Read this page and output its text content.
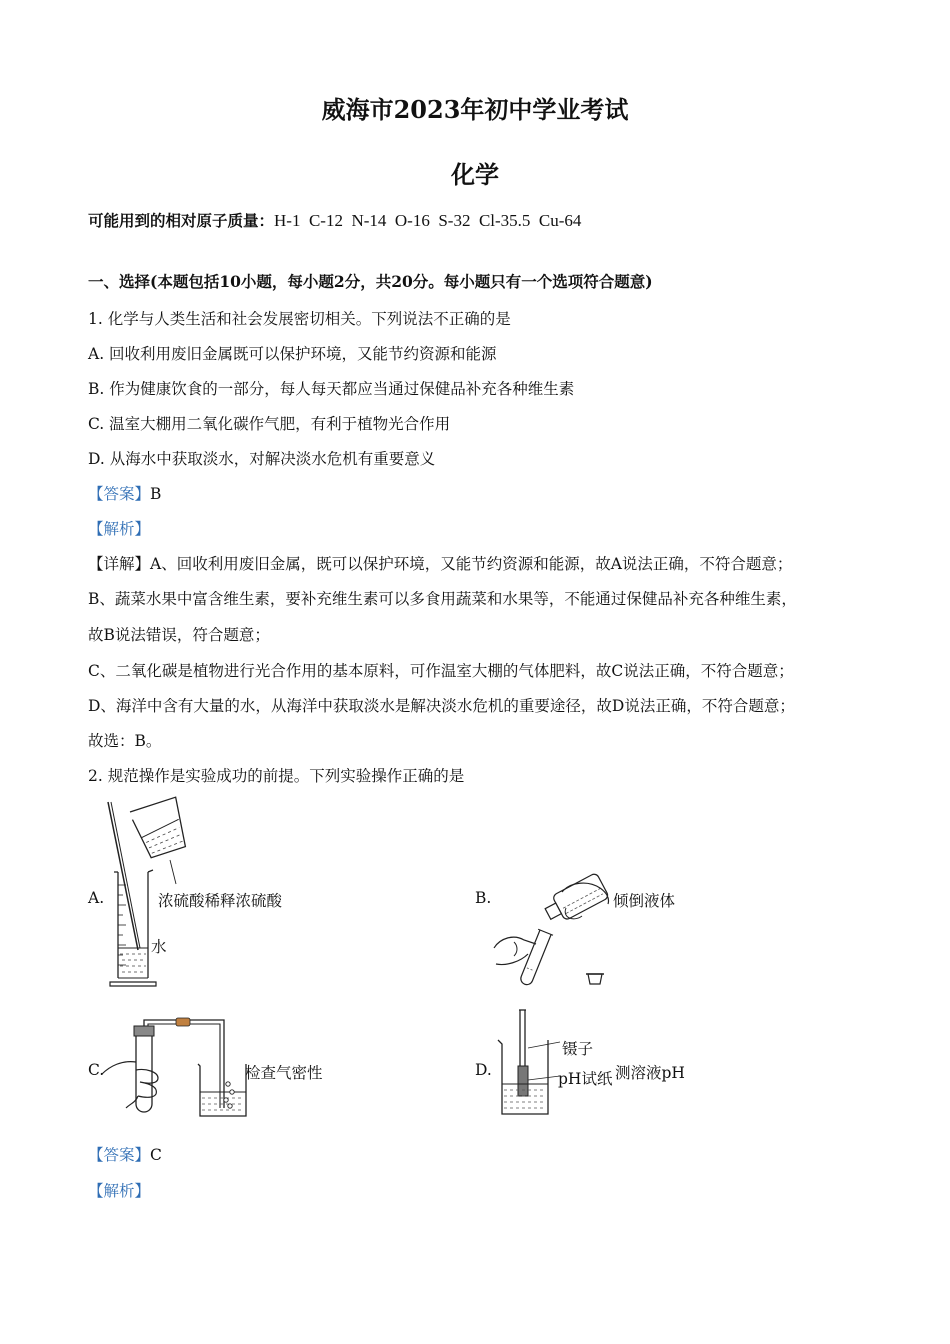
威海市2023年初中学业考试
化学
可能用到的相对原子质量：H-1  C-12  N-14  O-16  S-32  Cl-35.5  Cu-64
一、选择(本题包括10小题，每小题2分，共20分。每小题只有一个选项符合题意)
1. 化学与人类生活和社会发展密切相关。下列说法不正确的是
A. 回收利用废旧金属既可以保护环境，又能节约资源和能源
B. 作为健康饮食的一部分，每人每天都应当通过保健品补充各种维生素
C. 温室大棚用二氧化碳作气肥，有利于植物光合作用
D. 从海水中获取淡水，对解决淡水危机有重要意义
【答案】B
【解析】
【详解】A、回收利用废旧金属，既可以保护环境，又能节约资源和能源，故A说法正确，不符合题意；
B、蔬菜水果中富含维生素，要补充维生素可以多食用蔬菜和水果等，不能通过保健品补充各种维生素，
故B说法错误，符合题意；
C、二氧化碳是植物进行光合作用的基本原料，可作温室大棚的气体肥料，故C说法正确，不符合题意；
D、海洋中含有大量的水，从海洋中获取淡水是解决淡水危机的重要途径，故D说法正确，不符合题意；
故选：B。
2. 规范操作是实验成功的前提。下列实验操作正确的是
A.	浓硫酸稀释浓硫酸
水
B.	倾倒液体
C.	检查气密性	D.
镊子
pH试纸 测溶液pH
【答案】C
【解析】
